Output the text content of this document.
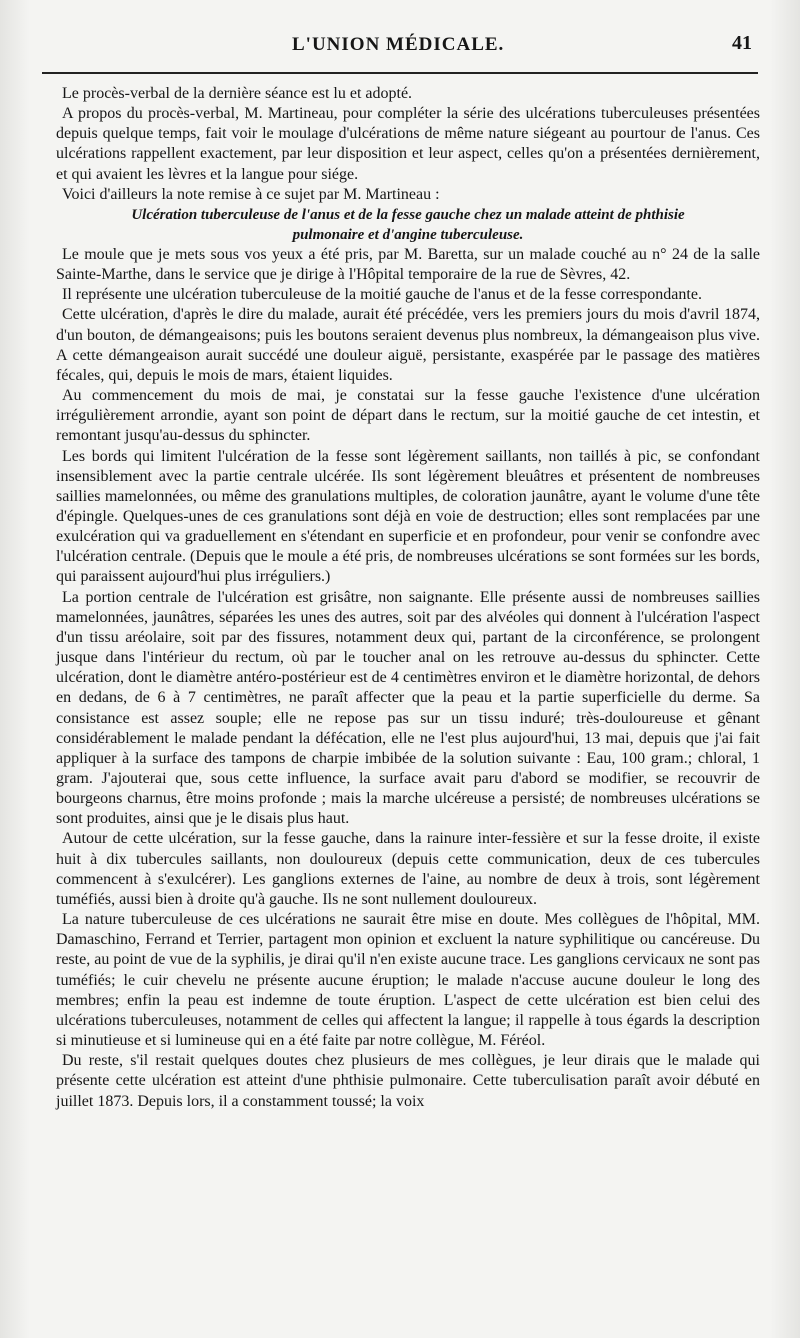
L'UNION MÉDICALE.	41

Le procès-verbal de la dernière séance est lu et adopté.

A propos du procès-verbal, M. Martineau, pour compléter la série des ulcérations tuberculeuses présentées depuis quelque temps, fait voir le moulage d'ulcérations de même nature siégeant au pourtour de l'anus. Ces ulcérations rappellent exactement, par leur disposition et leur aspect, celles qu'on a présentées dernièrement, et qui avaient les lèvres et la langue pour siége.

Voici d'ailleurs la note remise à ce sujet par M. Martineau :

Ulcération tuberculeuse de l'anus et de la fesse gauche chez un malade atteint de phthisie
pulmonaire et d'angine tuberculeuse.

Le moule que je mets sous vos yeux a été pris, par M. Baretta, sur un malade couché au n° 24 de la salle Sainte-Marthe, dans le service que je dirige à l'Hôpital temporaire de la rue de Sèvres, 42.

Il représente une ulcération tuberculeuse de la moitié gauche de l'anus et de la fesse correspondante.

Cette ulcération, d'après le dire du malade, aurait été précédée, vers les premiers jours du mois d'avril 1874, d'un bouton, de démangeaisons; puis les boutons seraient devenus plus nombreux, la démangeaison plus vive. A cette démangeaison aurait succédé une douleur aiguë, persistante, exaspérée par le passage des matières fécales, qui, depuis le mois de mars, étaient liquides.

Au commencement du mois de mai, je constatai sur la fesse gauche l'existence d'une ulcération irrégulièrement arrondie, ayant son point de départ dans le rectum, sur la moitié gauche de cet intestin, et remontant jusqu'au-dessus du sphincter.

Les bords qui limitent l'ulcération de la fesse sont légèrement saillants, non taillés à pic, se confondant insensiblement avec la partie centrale ulcérée. Ils sont légèrement bleuâtres et présentent de nombreuses saillies mamelonnées, ou même des granulations multiples, de coloration jaunâtre, ayant le volume d'une tête d'épingle. Quelques-unes de ces granulations sont déjà en voie de destruction; elles sont remplacées par une exulcération qui va graduellement en s'étendant en superficie et en profondeur, pour venir se confondre avec l'ulcération centrale. (Depuis que le moule a été pris, de nombreuses ulcérations se sont formées sur les bords, qui paraissent aujourd'hui plus irréguliers.)

La portion centrale de l'ulcération est grisâtre, non saignante. Elle présente aussi de nombreuses saillies mamelonnées, jaunâtres, séparées les unes des autres, soit par des alvéoles qui donnent à l'ulcération l'aspect d'un tissu aréolaire, soit par des fissures, notamment deux qui, partant de la circonférence, se prolongent jusque dans l'intérieur du rectum, où par le toucher anal on les retrouve au-dessus du sphincter. Cette ulcération, dont le diamètre antéro-postérieur est de 4 centimètres environ et le diamètre horizontal, de dehors en dedans, de 6 à 7 centimètres, ne paraît affecter que la peau et la partie superficielle du derme. Sa consistance est assez souple; elle ne repose pas sur un tissu induré; très-douloureuse et gênant considérablement le malade pendant la défécation, elle ne l'est plus aujourd'hui, 13 mai, depuis que j'ai fait appliquer à la surface des tampons de charpie imbibée de la solution suivante : Eau, 100 gram.; chloral, 1 gram. J'ajouterai que, sous cette influence, la surface avait paru d'abord se modifier, se recouvrir de bourgeons charnus, être moins profonde ; mais la marche ulcéreuse a persisté; de nombreuses ulcérations se sont produites, ainsi que je le disais plus haut.

Autour de cette ulcération, sur la fesse gauche, dans la rainure inter-fessière et sur la fesse droite, il existe huit à dix tubercules saillants, non douloureux (depuis cette communication, deux de ces tubercules commencent à s'exulcérer). Les ganglions externes de l'aine, au nombre de deux à trois, sont légèrement tuméfiés, aussi bien à droite qu'à gauche. Ils ne sont nullement douloureux.

La nature tuberculeuse de ces ulcérations ne saurait être mise en doute. Mes collègues de l'hôpital, MM. Damaschino, Ferrand et Terrier, partagent mon opinion et excluent la nature syphilitique ou cancéreuse. Du reste, au point de vue de la syphilis, je dirai qu'il n'en existe aucune trace. Les ganglions cervicaux ne sont pas tuméfiés; le cuir chevelu ne présente aucune éruption; le malade n'accuse aucune douleur le long des membres; enfin la peau est indemne de toute éruption. L'aspect de cette ulcération est bien celui des ulcérations tuberculeuses, notamment de celles qui affectent la langue; il rappelle à tous égards la description si minutieuse et si lumineuse qui en a été faite par notre collègue, M. Féréol.

Du reste, s'il restait quelques doutes chez plusieurs de mes collègues, je leur dirais que le malade qui présente cette ulcération est atteint d'une phthisie pulmonaire. Cette tuberculisation paraît avoir débuté en juillet 1873. Depuis lors, il a constamment toussé; la voix
